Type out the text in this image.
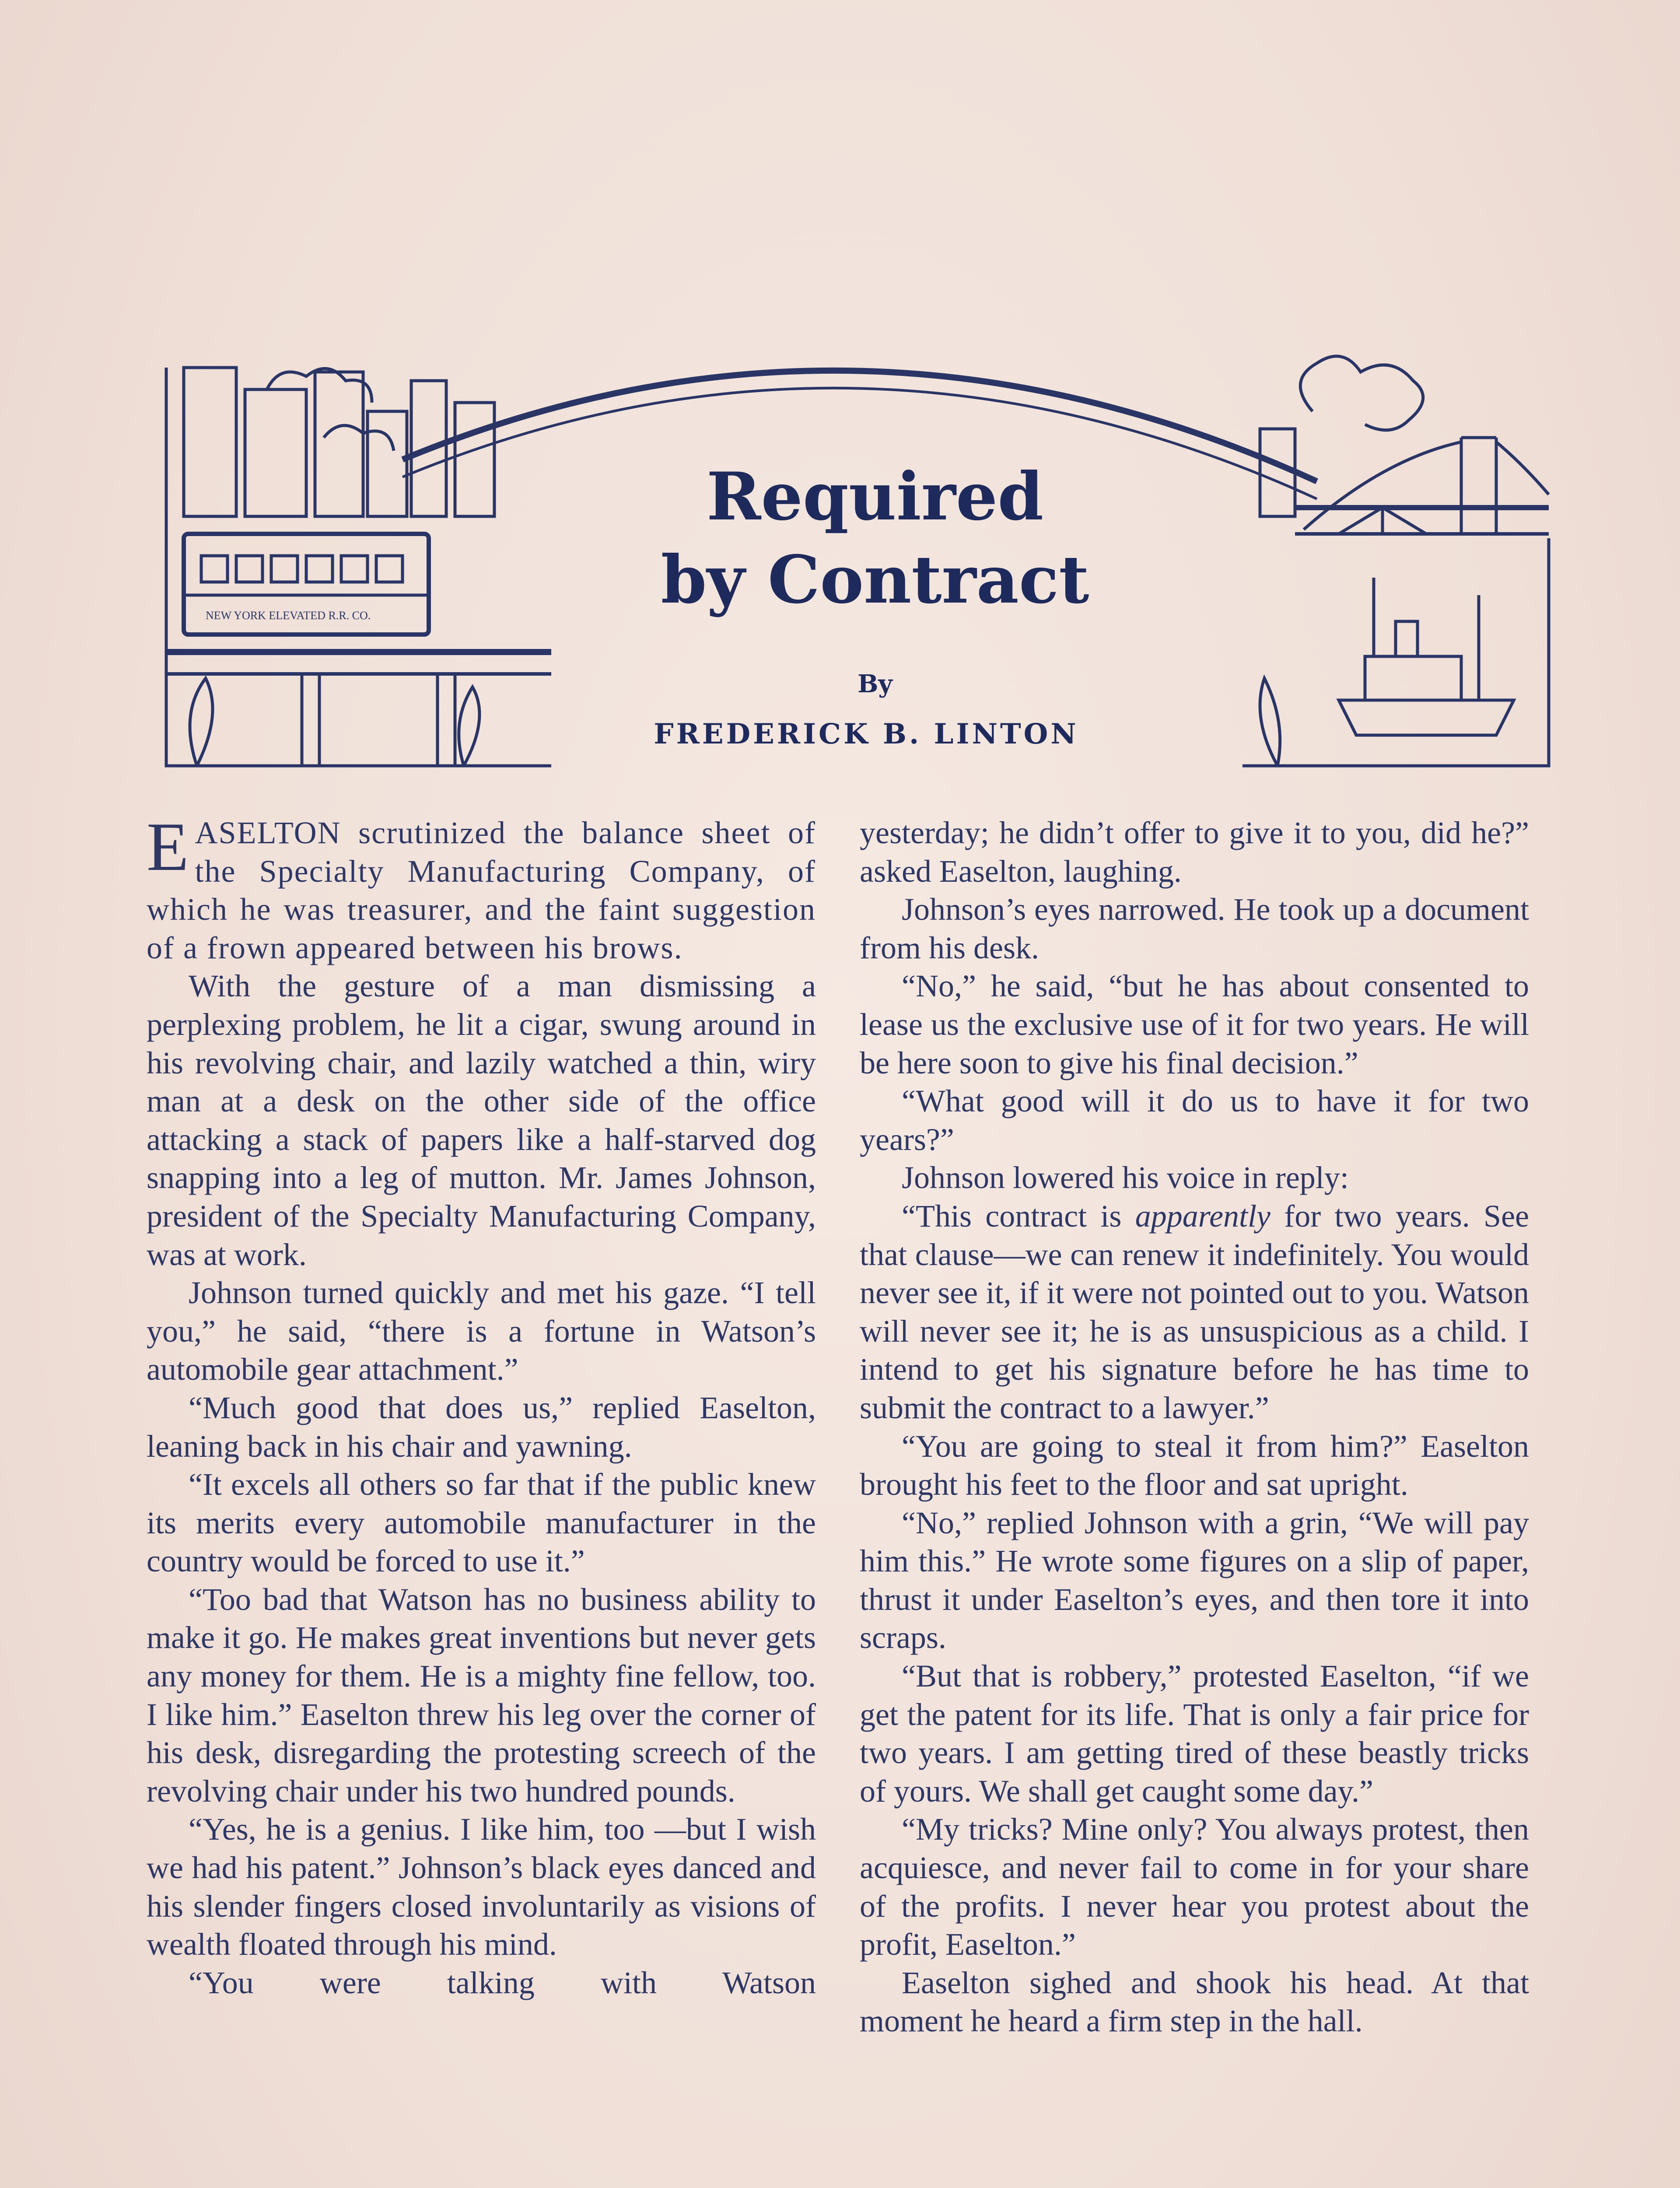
NEW YORK ELEVATED R.R. CO.
Required
by Contract
By
FREDERICK B. LINTON

EASELTON scrutinized the balance sheet of the Specialty Manufacturing Company, of which he was treasurer, and the faint suggestion of a frown appeared between his brows.

With the gesture of a man dismissing a perplexing problem, he lit a cigar, swung around in his revolving chair, and lazily watched a thin, wiry man at a desk on the other side of the office attacking a stack of papers like a half-starved dog snapping into a leg of mutton. Mr. James Johnson, president of the Specialty Manufacturing Company, was at work.

Johnson turned quickly and met his gaze. “I tell you,” he said, “there is a fortune in Watson’s automobile gear attachment.”

“Much good that does us,” replied Easelton, leaning back in his chair and yawning.

“It excels all others so far that if the public knew its merits every automobile manufacturer in the country would be forced to use it.”

“Too bad that Watson has no business ability to make it go. He makes great inventions but never gets any money for them. He is a mighty fine fellow, too. I like him.” Easelton threw his leg over the corner of his desk, disregarding the protesting screech of the revolving chair under his two hundred pounds.

“Yes, he is a genius. I like him, too —but I wish we had his patent.” Johnson’s black eyes danced and his slender fingers closed involuntarily as visions of wealth floated through his mind.

“You were talking with Watson

yesterday; he didn’t offer to give it to you, did he?” asked Easelton, laughing.

Johnson’s eyes narrowed. He took up a document from his desk.

“No,” he said, “but he has about consented to lease us the exclusive use of it for two years. He will be here soon to give his final decision.”

“What good will it do us to have it for two years?”

Johnson lowered his voice in reply:

“This contract is apparently for two years. See that clause—we can renew it indefinitely. You would never see it, if it were not pointed out to you. Watson will never see it; he is as unsuspicious as a child. I intend to get his signature before he has time to submit the contract to a lawyer.”

“You are going to steal it from him?” Easelton brought his feet to the floor and sat upright.

“No,” replied Johnson with a grin, “We will pay him this.” He wrote some figures on a slip of paper, thrust it under Easelton’s eyes, and then tore it into scraps.

“But that is robbery,” protested Easelton, “if we get the patent for its life. That is only a fair price for two years. I am getting tired of these beastly tricks of yours. We shall get caught some day.”

“My tricks? Mine only? You always protest, then acquiesce, and never fail to come in for your share of the profits. I never hear you protest about the profit, Easelton.”

Easelton sighed and shook his head. At that moment he heard a firm step in the hall.
